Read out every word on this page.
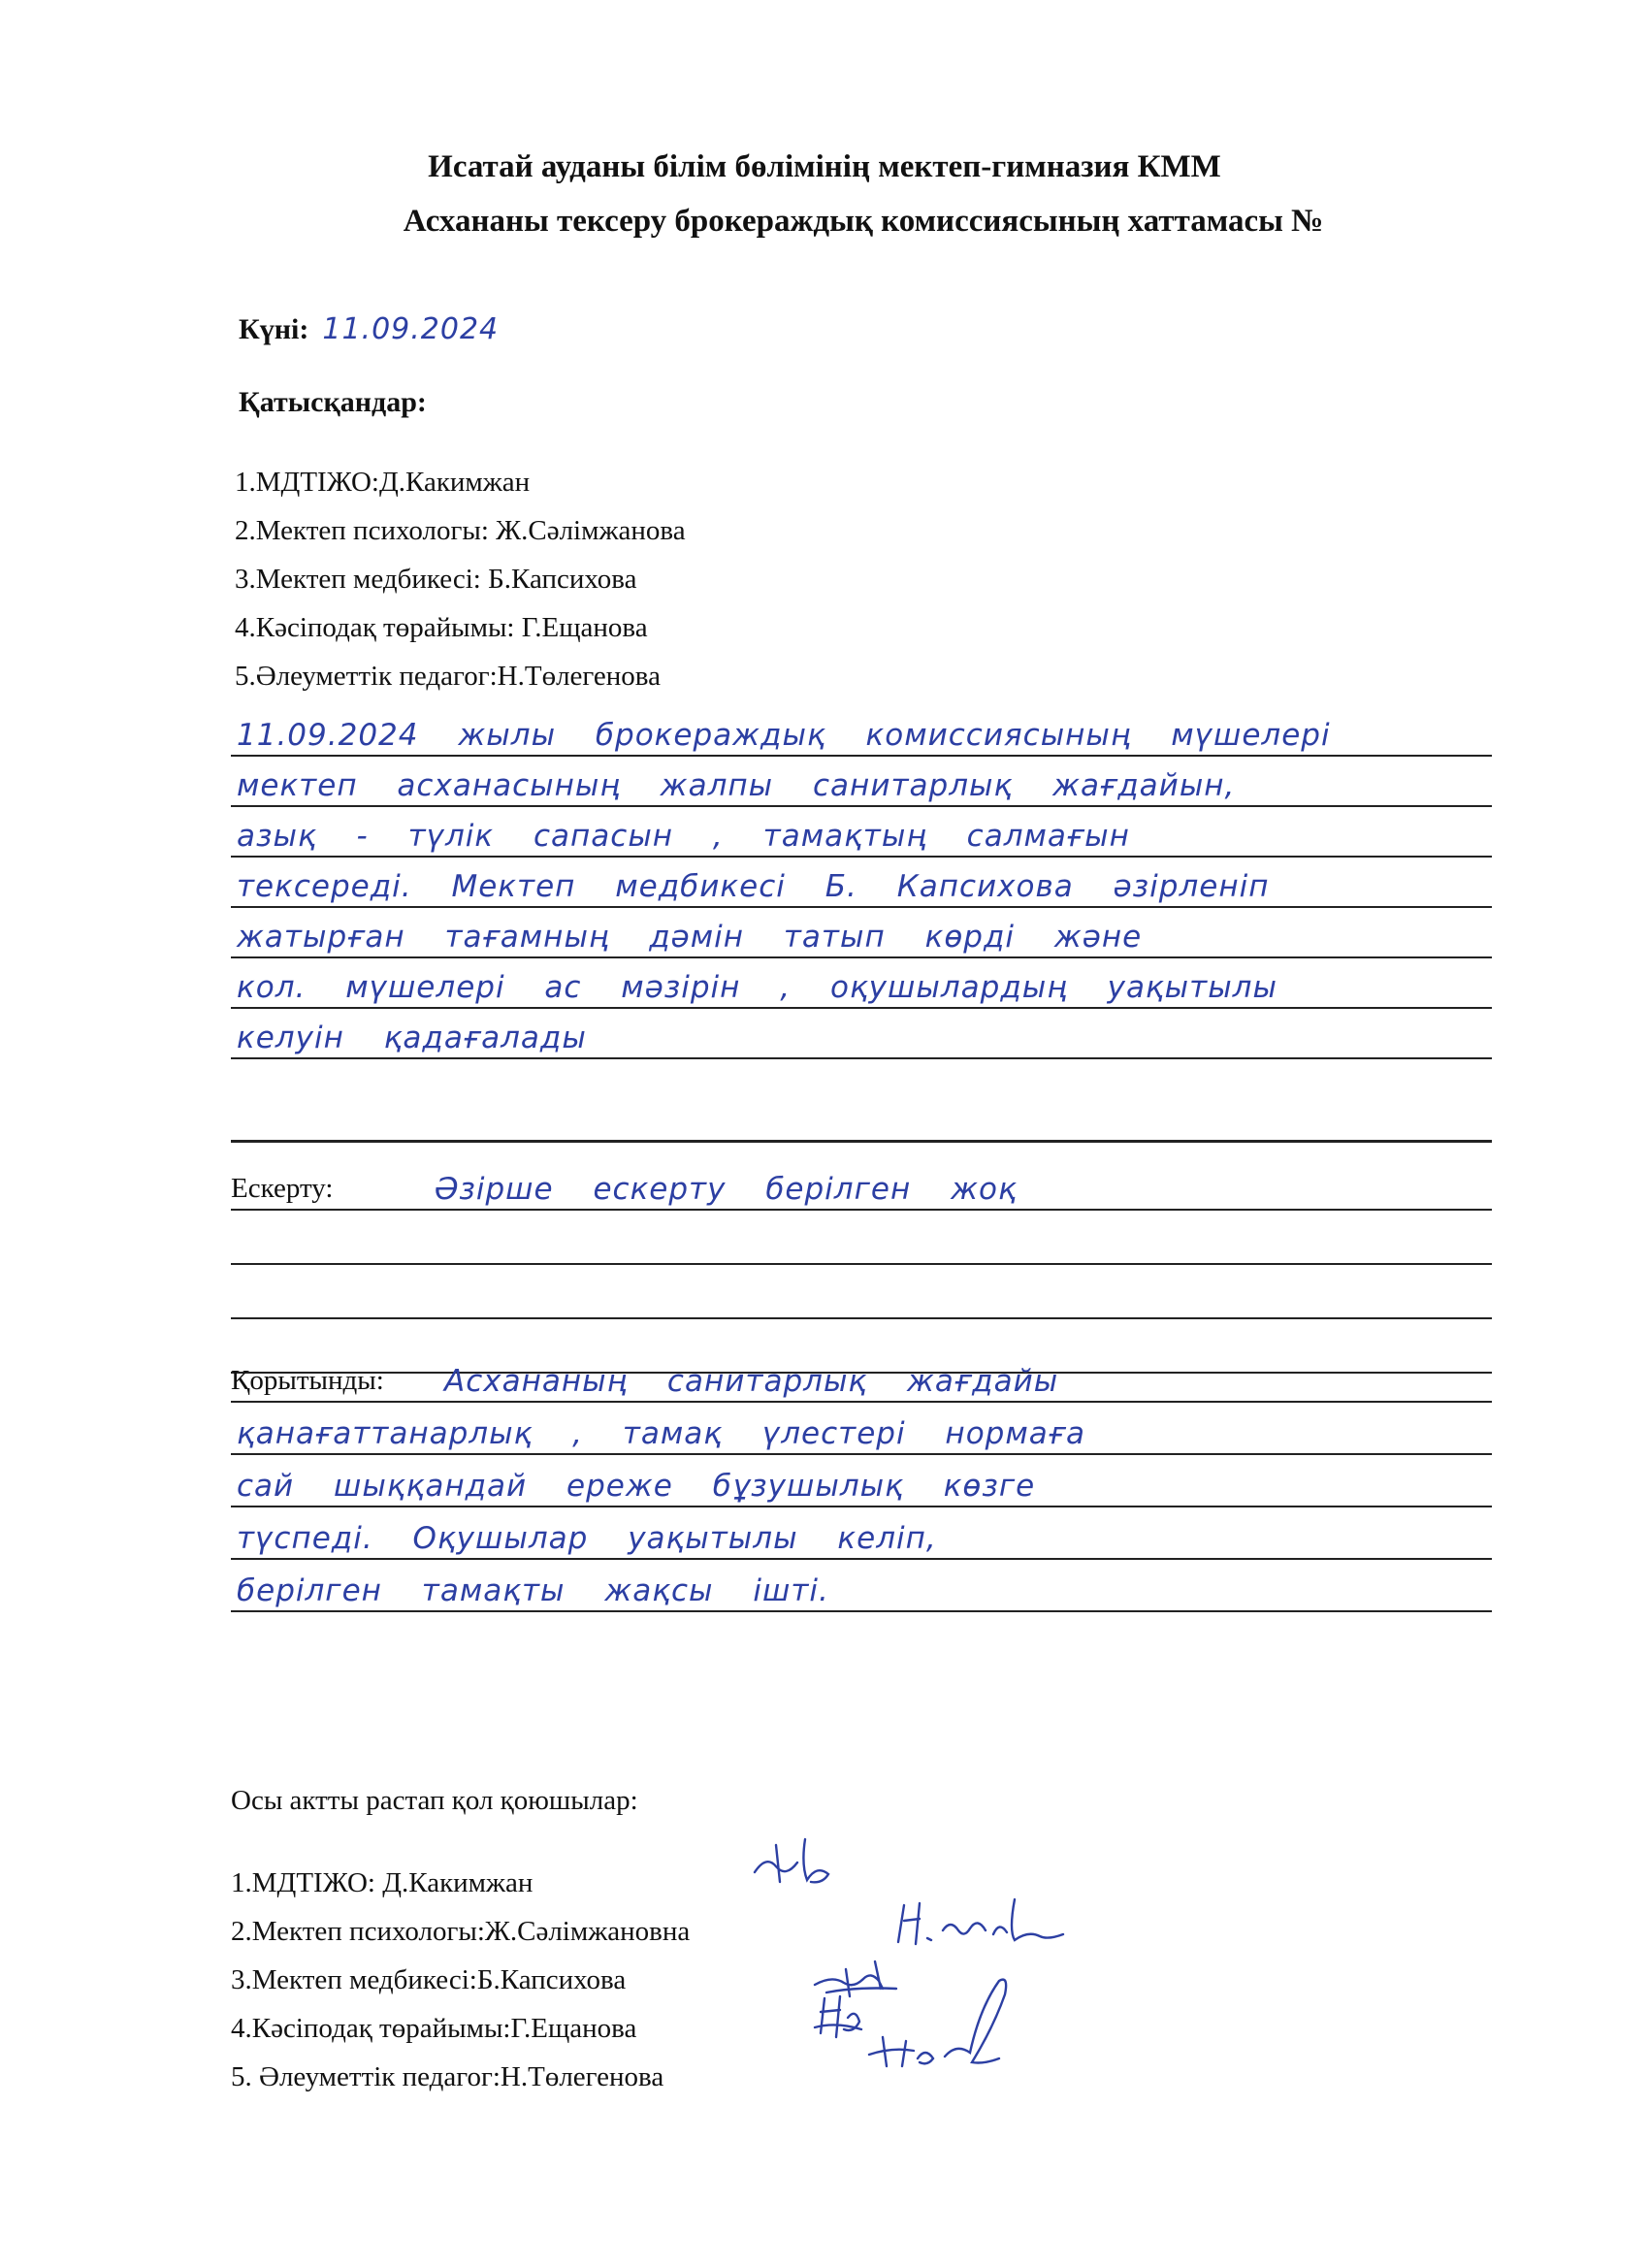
Исатай ауданы білім бөлімінің мектеп-гимназия КММ
Асхананы тексеру брокераждық комиссиясының хаттамасы №
Күні: 11.09.2024
Қатысқандар:
1.МДТІЖО:Д.Какимжан
2.Мектеп психологы: Ж.Сәлімжанова
3.Мектеп медбикесі: Б.Капсихова
4.Кәсіподақ төрайымы: Г.Ещанова
5.Әлеуметтік педагог:Н.Төлегенова
11.09.2024 жылы брокераждық комиссиясының мүшелері
мектеп асханасының жалпы санитарлық жағдайын,
азық - түлік сапасын , тамақтың салмағын
тексереді. Мектеп медбикесі Б. Капсихова әзірленіп
жатырған тағамның дәмін татып көрді және
кол. мүшелері ас мәзірін , оқушылардың уақытылы
келуін қадағалады
Ескерту:	Әзірше ескерту берілген жоқ
Қорытынды: Асхананың санитарлық жағдайы
қанағаттанарлық , тамақ үлестері нормаға
сай шыққандай ереже бұзушылық көзге
түспеді. Оқушылар уақытылы келіп,
берілген тамақты жақсы ішті.
Осы актты растап қол қоюшылар:
1.МДТІЖО: Д.Какимжан
2.Мектеп психологы:Ж.Сәлімжановна
3.Мектеп медбикесі:Б.Капсихова
4.Кәсіподақ төрайымы:Г.Ещанова
5. Әлеуметтік педагог:Н.Төлегенова
